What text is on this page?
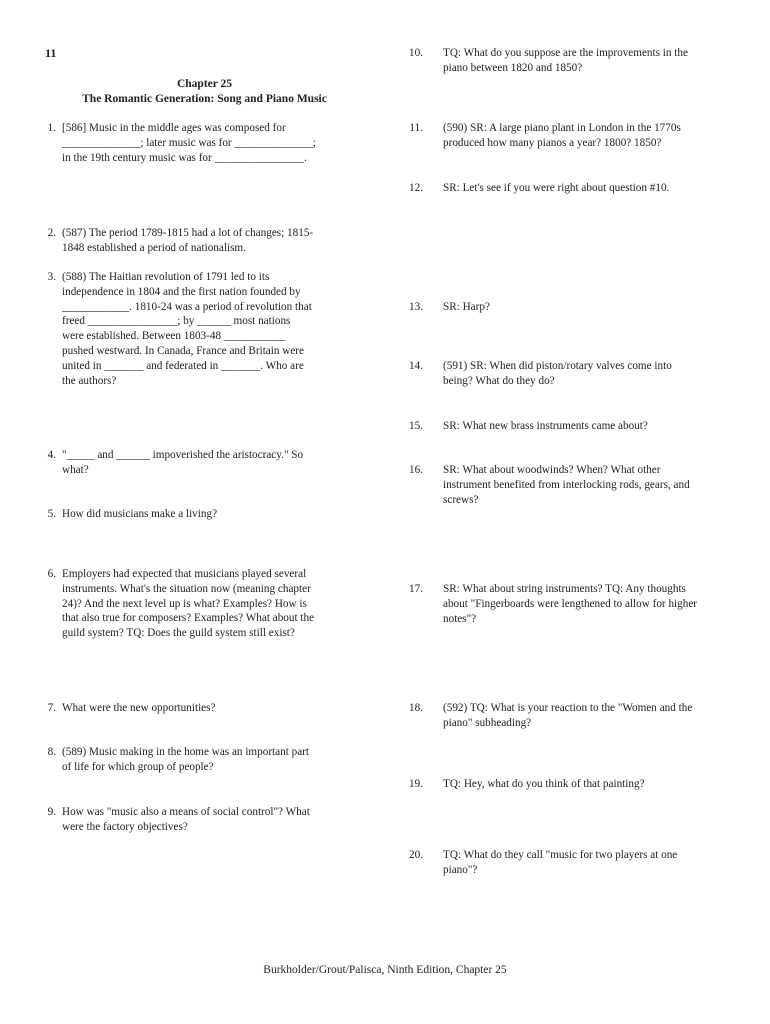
11
Chapter 25
The Romantic Generation: Song and Piano Music
1. [586] Music in the middle ages was composed for
______________; later music was for ______________;
in the 19th century music was for ________________.
2. (587) The period 1789-1815 had a lot of changes; 1815-
1848 established a period of nationalism.
3. (588) The Haitian revolution of 1791 led to its
independence in 1804 and the first nation founded by
____________. 1810-24 was a period of revolution that
freed ________________; by ______ most nations
were established. Between 1803-48 ___________
pushed westward. In Canada, France and Britain were
united in _______ and federated in _______. Who are
the authors?
4. "_____ and ______ impoverished the aristocracy." So
what?
5. How did musicians make a living?
6. Employers had expected that musicians played several
instruments. What's the situation now (meaning chapter
24)? And the next level up is what? Examples? How is
that also true for composers? Examples? What about the
guild system? TQ: Does the guild system still exist?
7. What were the new opportunities?
8. (589) Music making in the home was an important part
of life for which group of people?
9. How was "music also a means of social control"? What
were the factory objectives?
10. TQ: What do you suppose are the improvements in the
piano between 1820 and 1850?
11. (590) SR: A large piano plant in London in the 1770s
produced how many pianos a year? 1800? 1850?
12. SR: Let's see if you were right about question #10.
13. SR: Harp?
14. (591) SR: When did piston/rotary valves come into
being? What do they do?
15. SR: What new brass instruments came about?
16. SR: What about woodwinds? When? What other
instrument benefited from interlocking rods, gears, and
screws?
17. SR: What about string instruments? TQ: Any thoughts
about "Fingerboards were lengthened to allow for higher
notes"?
18. (592) TQ: What is your reaction to the "Women and the
piano" subheading?
19. TQ: Hey, what do you think of that painting?
20. TQ: What do they call "music for two players at one
piano"?
Burkholder/Grout/Palisca, Ninth Edition, Chapter 25
